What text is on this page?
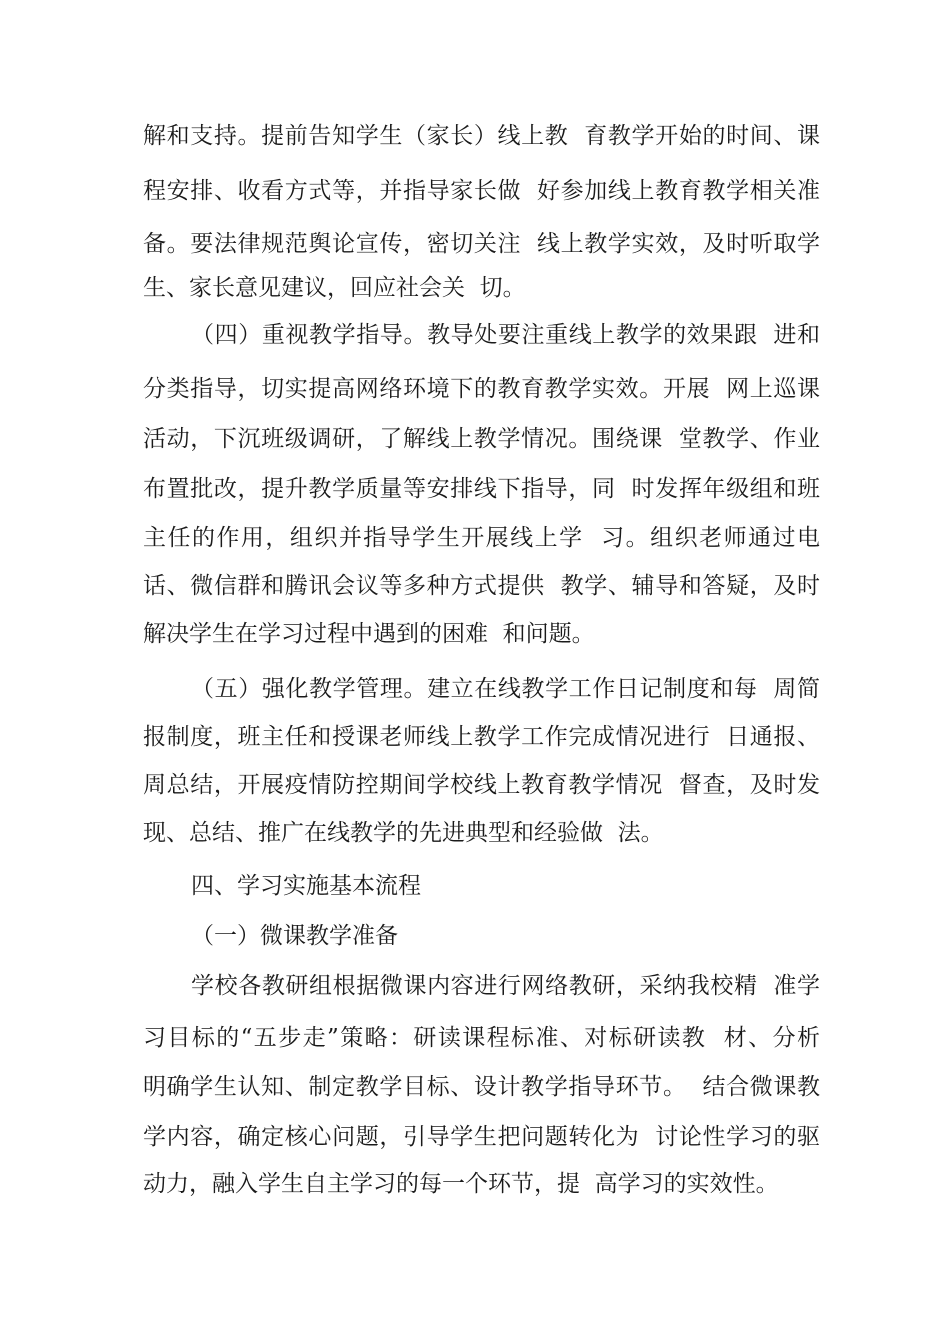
解和支持。提前告知学生（家长）线上教  育教学开始的时间、课
程安排、收看方式等，并指导家长做  好参加线上教育教学相关准
备。要法律规范舆论宣传，密切关注  线上教学实效，及时听取学
生、家长意见建议，回应社会关  切。
（四）重视教学指导。教导处要注重线上教学的效果跟  进和
分类指导，切实提高网络环境下的教育教学实效。开展  网上巡课
活动，下沉班级调研，了解线上教学情况。围绕课  堂教学、作业
布置批改，提升教学质量等安排线下指导，同  时发挥年级组和班
主任的作用，组织并指导学生开展线上学  习。组织老师通过电
话、微信群和腾讯会议等多种方式提供  教学、辅导和答疑，及时
解决学生在学习过程中遇到的困难  和问题。
（五）强化教学管理。建立在线教学工作日记制度和每  周简
报制度，班主任和授课老师线上教学工作完成情况进行  日通报、
周总结，开展疫情防控期间学校线上教育教学情况  督查，及时发
现、总结、推广在线教学的先进典型和经验做  法。
四、学习实施基本流程
（一）微课教学准备
学校各教研组根据微课内容进行网络教研，采纳我校精  准学
习目标的“五步走”策略：研读课程标准、对标研读教  材、分析
明确学生认知、制定教学目标、设计教学指导环节。  结合微课教
学内容，确定核心问题，引导学生把问题转化为  讨论性学习的驱
动力，融入学生自主学习的每一个环节，提  高学习的实效性。
